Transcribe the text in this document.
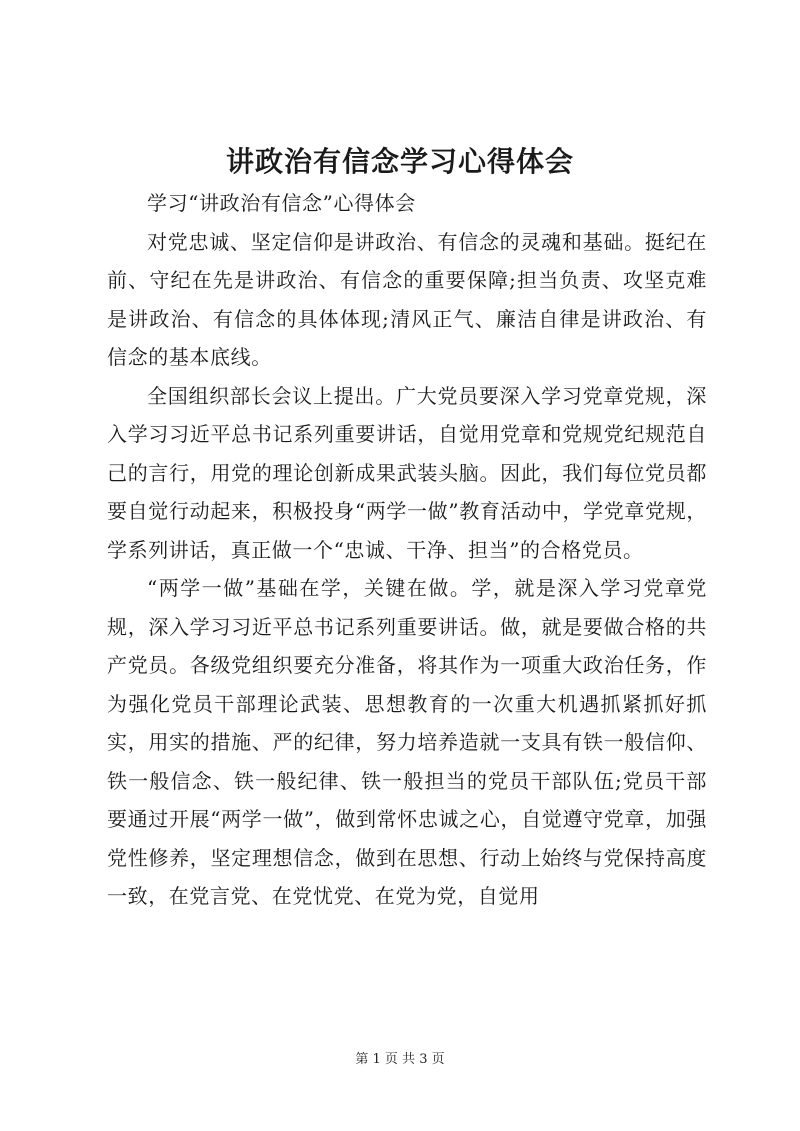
讲政治有信念学习心得体会

学习“讲政治有信念”心得体会

对党忠诚、坚定信仰是讲政治、有信念的灵魂和基础。挺纪在前、守纪在先是讲政治、有信念的重要保障;担当负责、攻坚克难是讲政治、有信念的具体体现;清风正气、廉洁自律是讲政治、有信念的基本底线。

全国组织部长会议上提出。广大党员要深入学习党章党规，深入学习习近平总书记系列重要讲话，自觉用党章和党规党纪规范自己的言行，用党的理论创新成果武装头脑。因此，我们每位党员都要自觉行动起来，积极投身“两学一做”教育活动中，学党章党规，学系列讲话，真正做一个“忠诚、干净、担当”的合格党员。

“两学一做”基础在学，关键在做。学，就是深入学习党章党规，深入学习习近平总书记系列重要讲话。做，就是要做合格的共产党员。各级党组织要充分准备，将其作为一项重大政治任务，作为强化党员干部理论武装、思想教育的一次重大机遇抓紧抓好抓实，用实的措施、严的纪律，努力培养造就一支具有铁一般信仰、铁一般信念、铁一般纪律、铁一般担当的党员干部队伍;党员干部要通过开展“两学一做”，做到常怀忠诚之心，自觉遵守党章，加强党性修养，坚定理想信念，做到在思想、行动上始终与党保持高度一致，在党言党、在党忧党、在党为党，自觉用

第 1 页 共 3 页
